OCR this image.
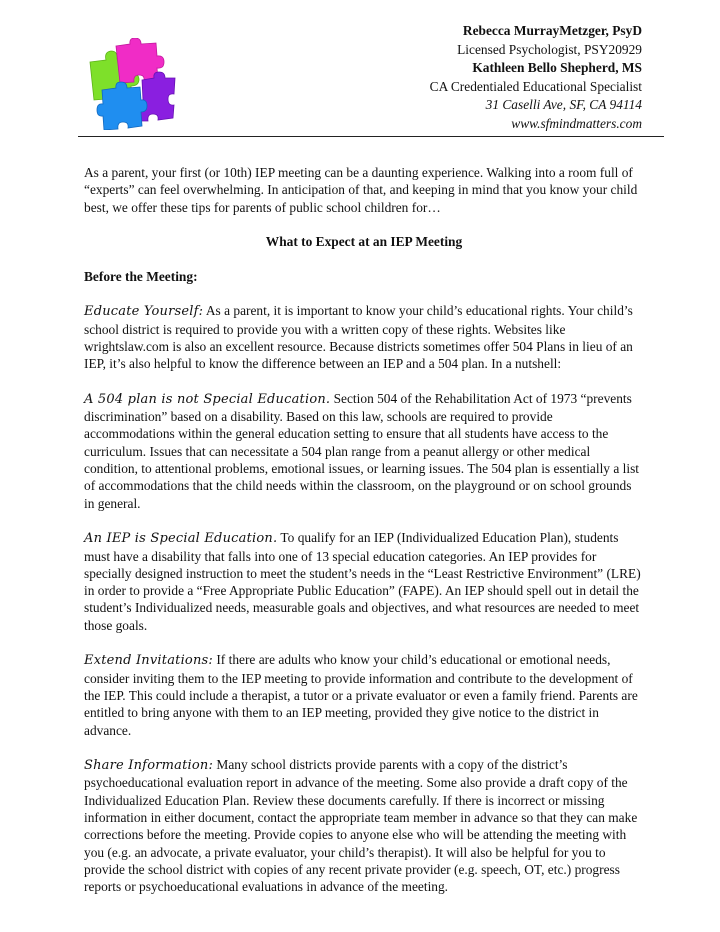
Rebecca MurrayMetzger, PsyD
Licensed Psychologist, PSY20929
Kathleen Bello Shepherd, MS
CA Credentialed Educational Specialist
31 Caselli Ave, SF, CA 94114
www.sfmindmatters.com

As a parent, your first (or 10th) IEP meeting can be a daunting experience. Walking into a room full of “experts” can feel overwhelming. In anticipation of that, and keeping in mind that you know your child best, we offer these tips for parents of public school children for…

What to Expect at an IEP Meeting

Before the Meeting:

Educate Yourself: As a parent, it is important to know your child’s educational rights. Your child’s school district is required to provide you with a written copy of these rights. Websites like wrightslaw.com is also an excellent resource. Because districts sometimes offer 504 Plans in lieu of an IEP, it’s also helpful to know the difference between an IEP and a 504 plan. In a nutshell:

A 504 plan is not Special Education. Section 504 of the Rehabilitation Act of 1973 “prevents discrimination” based on a disability. Based on this law, schools are required to provide accommodations within the general education setting to ensure that all students have access to the curriculum. Issues that can necessitate a 504 plan range from a peanut allergy or other medical condition, to attentional problems, emotional issues, or learning issues. The 504 plan is essentially a list of accommodations that the child needs within the classroom, on the playground or on school grounds in general.

An IEP is Special Education. To qualify for an IEP (Individualized Education Plan), students must have a disability that falls into one of 13 special education categories. An IEP provides for specially designed instruction to meet the student’s needs in the “Least Restrictive Environment” (LRE) in order to provide a “Free Appropriate Public Education” (FAPE). An IEP should spell out in detail the student’s Individualized needs, measurable goals and objectives, and what resources are needed to meet those goals.

Extend Invitations: If there are adults who know your child’s educational or emotional needs, consider inviting them to the IEP meeting to provide information and contribute to the development of the IEP. This could include a therapist, a tutor or a private evaluator or even a family friend. Parents are entitled to bring anyone with them to an IEP meeting, provided they give notice to the district in advance.

Share Information: Many school districts provide parents with a copy of the district’s psychoeducational evaluation report in advance of the meeting. Some also provide a draft copy of the Individualized Education Plan. Review these documents carefully. If there is incorrect or missing information in either document, contact the appropriate team member in advance so that they can make corrections before the meeting. Provide copies to anyone else who will be attending the meeting with you (e.g. an advocate, a private evaluator, your child’s therapist). It will also be helpful for you to provide the school district with copies of any recent private provider (e.g. speech, OT, etc.) progress reports or psychoeducational evaluations in advance of the meeting.
